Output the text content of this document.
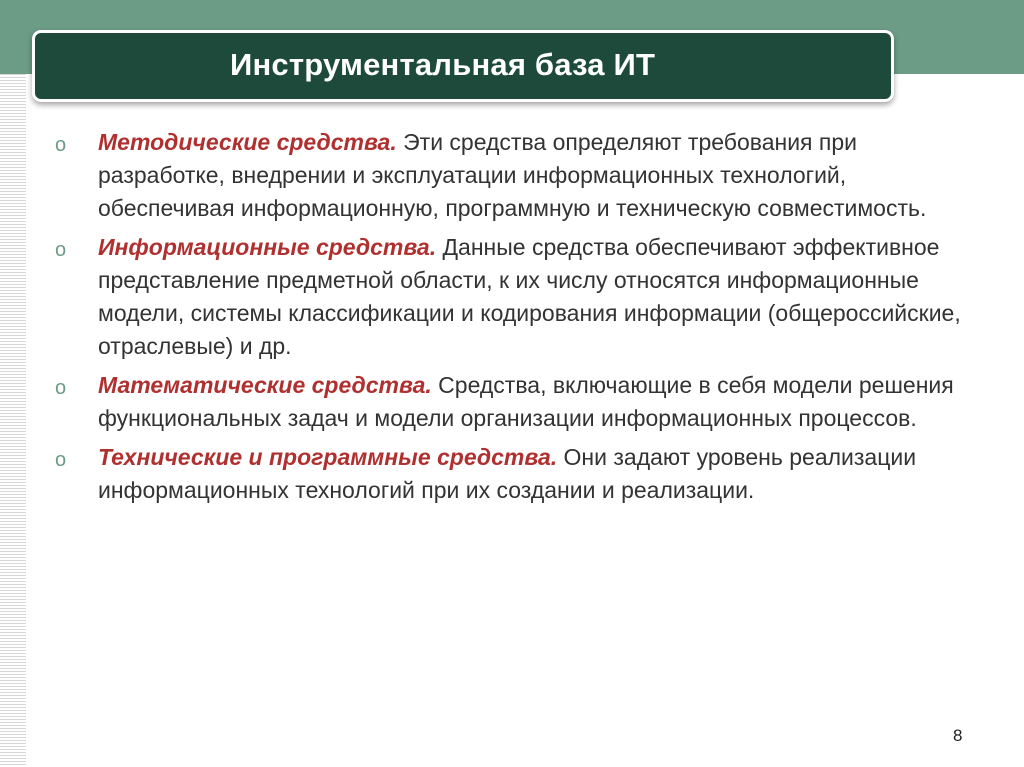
Инструментальная база ИТ
o Методические средства. Эти средства определяют требования при разработке, внедрении и эксплуатации информационных технологий, обеспечивая информационную, программную и техническую совместимость.
o Информационные средства. Данные средства обеспечивают эффективное представление предметной области, к их числу относятся информационные модели, системы классификации и кодирования информации (общероссийские, отраслевые) и др.
o Математические средства. Средства, включающие в себя модели решения функциональных задач и модели организации информационных процессов.
o Технические и программные средства. Они задают уровень реализации информационных технологий при их создании и реализации.
8
